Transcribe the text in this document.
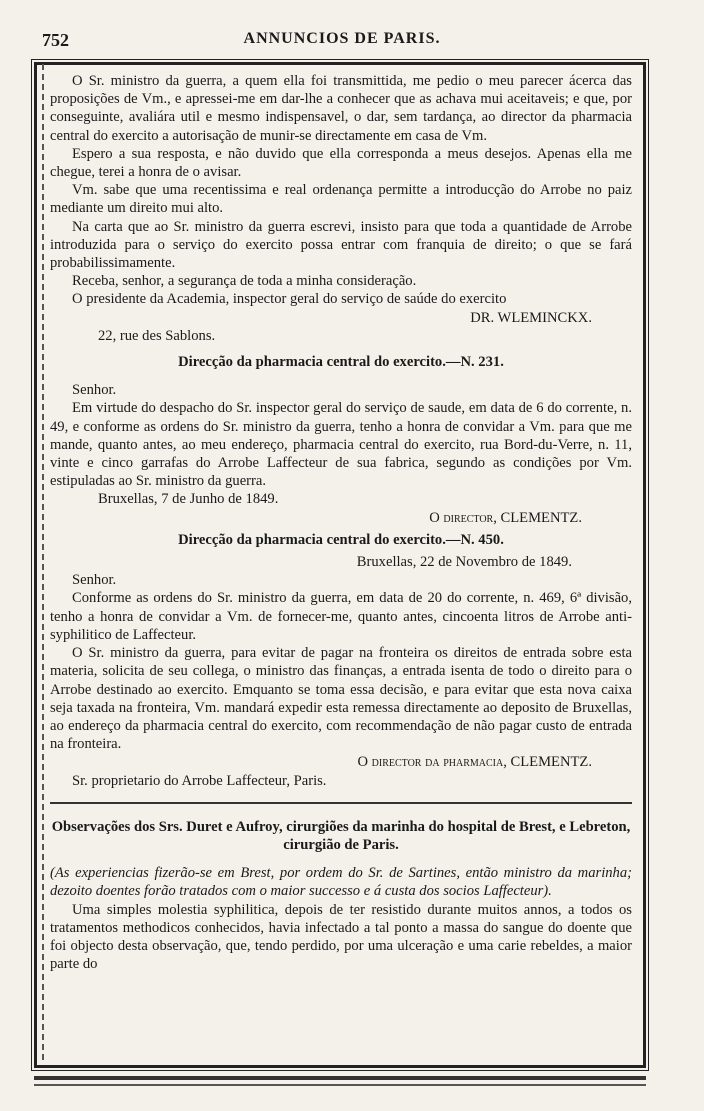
752	ANNUNCIOS DE PARIS.

O Sr. ministro da guerra, a quem ella foi transmittida, me pedio o meu parecer ácerca das proposições de Vm., e apressei-me em dar-lhe a conhecer que as achava mui aceitaveis; e que, por conseguinte, avaliára util e mesmo indispensavel, o dar, sem tardança, ao director da pharmacia central do exercito a autorisação de munir-se directamente em casa de Vm.

Espero a sua resposta, e não duvido que ella corresponda a meus desejos. Apenas ella me chegue, terei a honra de o avisar.

Vm. sabe que uma recentissima e real ordenança permitte a introducção do Arrobe no paiz mediante um direito mui alto.

Na carta que ao Sr. ministro da guerra escrevi, insisto para que toda a quantidade de Arrobe introduzida para o serviço do exercito possa entrar com franquia de direito; o que se fará probabilissimamente.

Receba, senhor, a segurança de toda a minha consideração.

O presidente da Academia, inspector geral do serviço de saúde do exercito

DR. WLEMINCKX.

22, rue des Sablons.

Direcção da pharmacia central do exercito.—N. 231.

Senhor.

Em virtude do despacho do Sr. inspector geral do serviço de saude, em data de 6 do corrente, n. 49, e conforme as ordens do Sr. ministro da guerra, tenho a honra de convidar a Vm. para que me mande, quanto antes, ao meu endereço, pharmacia central do exercito, rua Bord-du-Verre, n. 11, vinte e cinco garrafas do Arrobe Laffecteur de sua fabrica, segundo as condições por Vm. estipuladas ao Sr. ministro da guerra.

Bruxellas, 7 de Junho de 1849.

O director, CLEMENTZ.

Direcção da pharmacia central do exercito.—N. 450.

Bruxellas, 22 de Novembro de 1849.

Senhor.

Conforme as ordens do Sr. ministro da guerra, em data de 20 do corrente, n. 469, 6ª divisão, tenho a honra de convidar a Vm. de fornecer-me, quanto antes, cincoenta litros de Arrobe anti-syphilitico de Laffecteur.

O Sr. ministro da guerra, para evitar de pagar na fronteira os direitos de entrada sobre esta materia, solicita de seu collega, o ministro das finanças, a entrada isenta de todo o direito para o Arrobe destinado ao exercito. Emquanto se toma essa decisão, e para evitar que esta nova caixa seja taxada na fronteira, Vm. mandará expedir esta remessa directamente ao deposito de Bruxellas, ao endereço da pharmacia central do exercito, com recommendação de não pagar custo de entrada na fronteira.

O director da pharmacia, CLEMENTZ.

Sr. proprietario do Arrobe Laffecteur, Paris.

Observações dos Srs. Duret e Aufroy, cirurgiões da marinha do hospital de Brest, e Lebreton, cirurgião de Paris.

(As experiencias fizerão-se em Brest, por ordem do Sr. de Sartines, então ministro da marinha; dezoito doentes forão tratados com o maior successo e á custa dos socios Laffecteur).

Uma simples molestia syphilitica, depois de ter resistido durante muitos annos, a todos os tratamentos methodicos conhecidos, havia infectado a tal ponto a massa do sangue do doente que foi objecto desta observação, que, tendo perdido, por uma ulceração e uma carie rebeldes, a maior parte do
